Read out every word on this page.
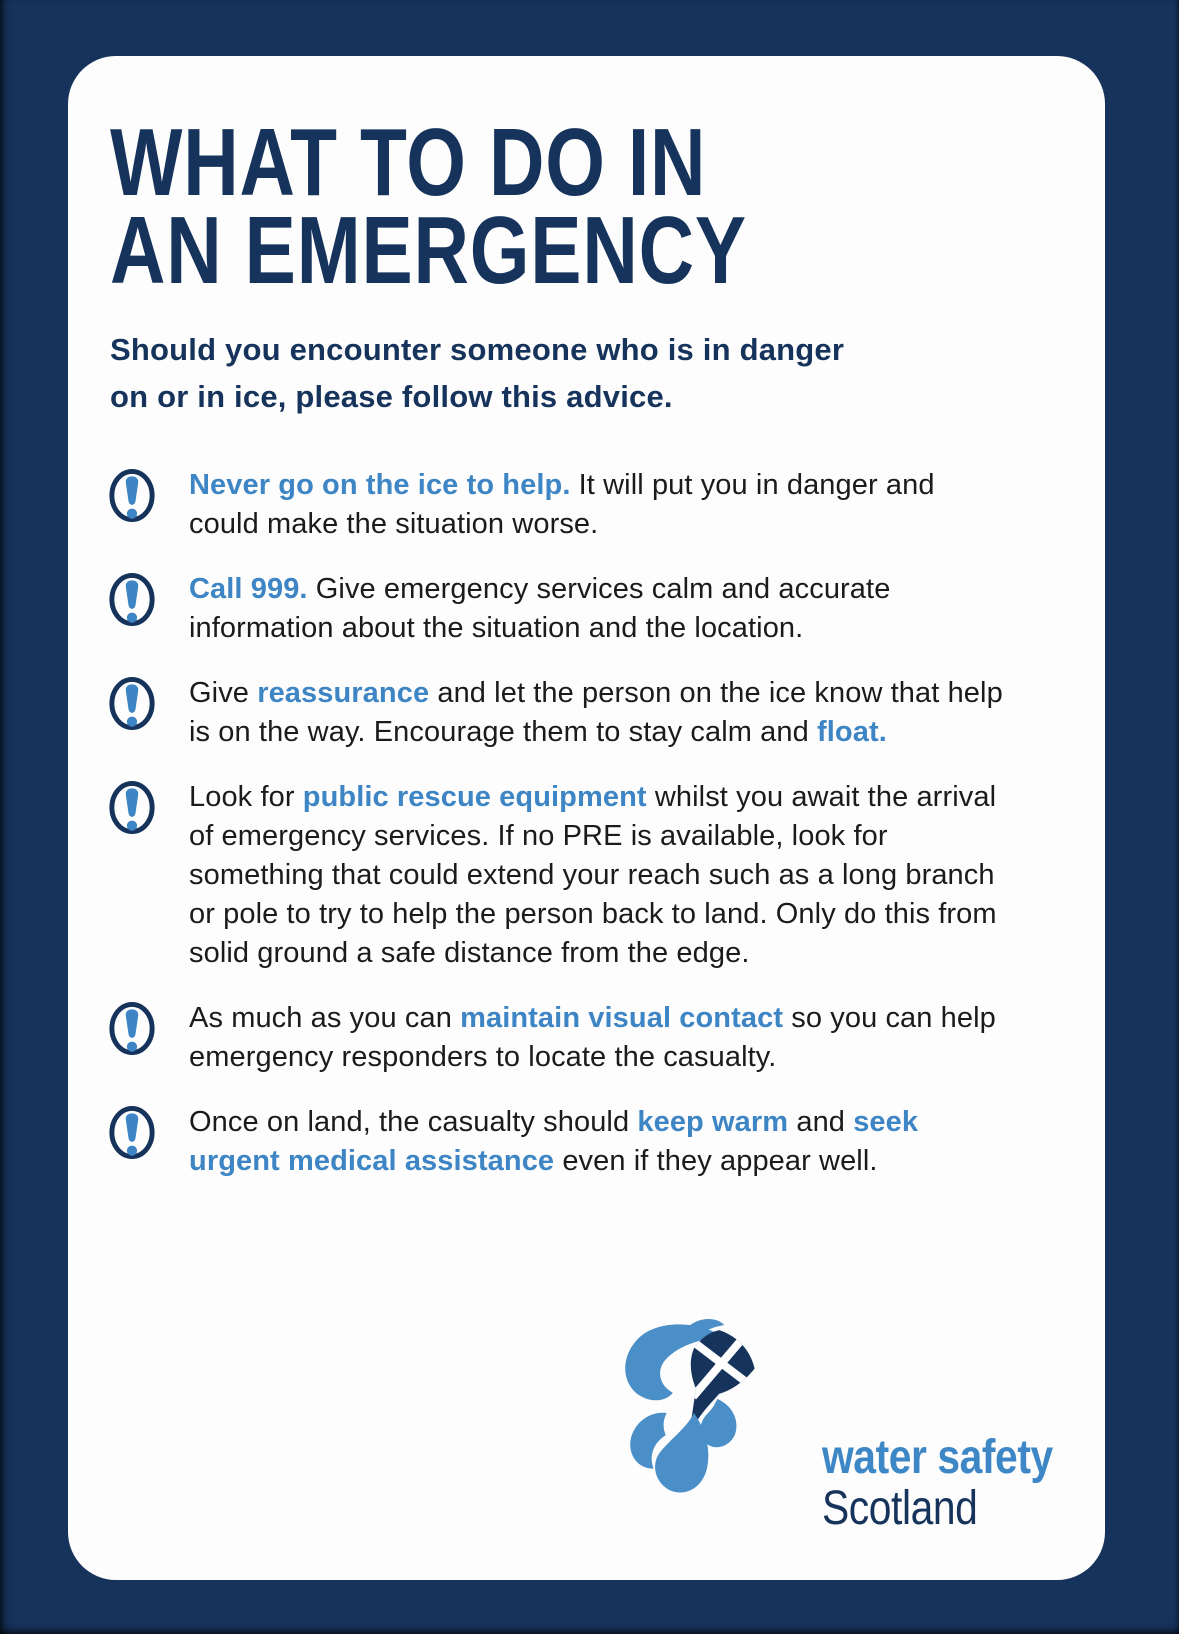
WHAT TO DO IN
AN EMERGENCY
Should you encounter someone who is in danger
on or in ice, please follow this advice.
Never go on the ice to help. It will put you in danger and could make the situation worse.
Call 999. Give emergency services calm and accurate information about the situation and the location.
Give reassurance and let the person on the ice know that help is on the way. Encourage them to stay calm and float.
Look for public rescue equipment whilst you await the arrival of emergency services. If no PRE is available, look for something that could extend your reach such as a long branch or pole to try to help the person back to land. Only do this from solid ground a safe distance from the edge.
As much as you can maintain visual contact so you can help emergency responders to locate the casualty.
Once on land, the casualty should keep warm and seek urgent medical assistance even if they appear well.
water safety
Scotland
